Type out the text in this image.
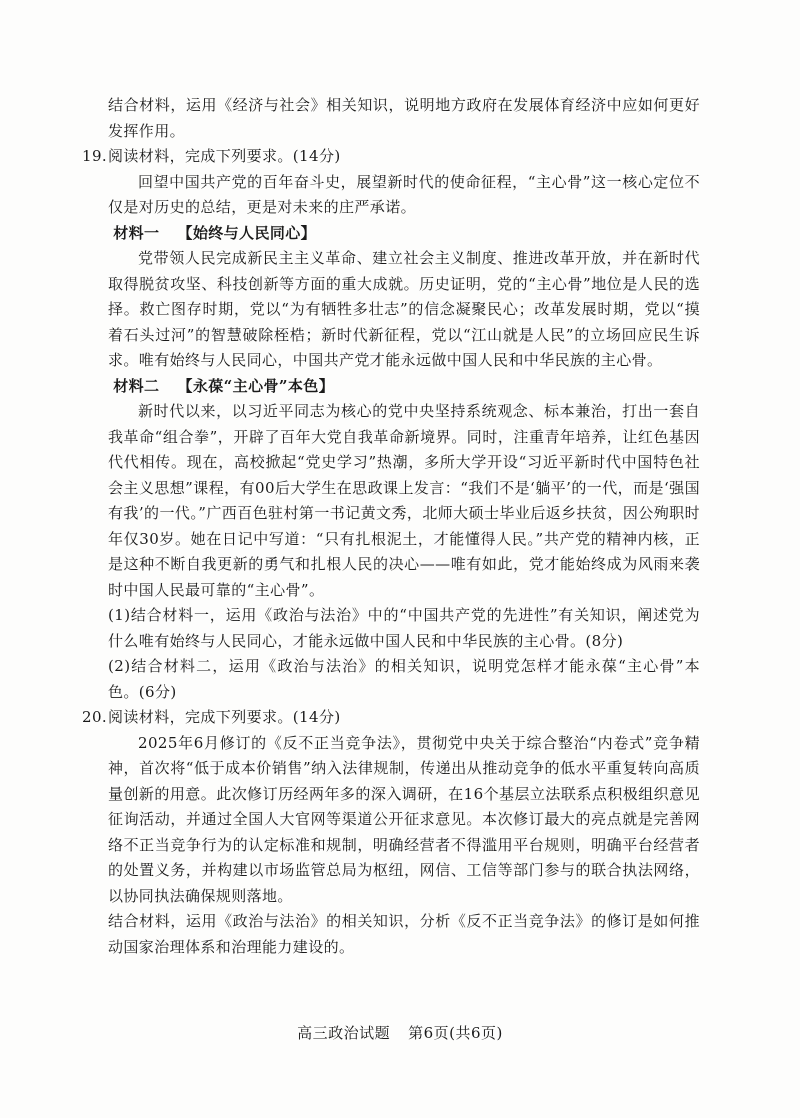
结合材料，运用《经济与社会》相关知识，说明地方政府在发展体育经济中应如何更好发挥作用。

19.阅读材料，完成下列要求。(14分)

回望中国共产党的百年奋斗史，展望新时代的使命征程，“主心骨”这一核心定位不仅是对历史的总结，更是对未来的庄严承诺。

材料一 【始终与人民同心】

党带领人民完成新民主主义革命、建立社会主义制度、推进改革开放，并在新时代取得脱贫攻坚、科技创新等方面的重大成就。历史证明，党的“主心骨”地位是人民的选择。救亡图存时期，党以“为有牺牲多壮志”的信念凝聚民心；改革发展时期，党以“摸着石头过河”的智慧破除桎梏；新时代新征程，党以“江山就是人民”的立场回应民生诉求。唯有始终与人民同心，中国共产党才能永远做中国人民和中华民族的主心骨。

材料二 【永葆“主心骨”本色】

新时代以来，以习近平同志为核心的党中央坚持系统观念、标本兼治，打出一套自我革命“组合拳”，开辟了百年大党自我革命新境界。同时，注重青年培养，让红色基因代代相传。现在，高校掀起“党史学习”热潮，多所大学开设“习近平新时代中国特色社会主义思想”课程，有00后大学生在思政课上发言：“我们不是‘躺平’的一代，而是‘强国有我’的一代。”广西百色驻村第一书记黄文秀，北师大硕士毕业后返乡扶贫，因公殉职时年仅30岁。她在日记中写道：“只有扎根泥土，才能懂得人民。”共产党的精神内核，正是这种不断自我更新的勇气和扎根人民的决心——唯有如此，党才能始终成为风雨来袭时中国人民最可靠的“主心骨”。

(1)结合材料一，运用《政治与法治》中的“中国共产党的先进性”有关知识，阐述党为什么唯有始终与人民同心，才能永远做中国人民和中华民族的主心骨。(8分)

(2)结合材料二，运用《政治与法治》的相关知识，说明党怎样才能永葆“主心骨”本色。(6分)

20.阅读材料，完成下列要求。(14分)

2025年6月修订的《反不正当竞争法》，贯彻党中央关于综合整治“内卷式”竞争精神，首次将“低于成本价销售”纳入法律规制，传递出从推动竞争的低水平重复转向高质量创新的用意。此次修订历经两年多的深入调研，在16个基层立法联系点积极组织意见征询活动，并通过全国人大官网等渠道公开征求意见。本次修订最大的亮点就是完善网络不正当竞争行为的认定标准和规制，明确经营者不得滥用平台规则，明确平台经营者的处置义务，并构建以市场监管总局为枢纽，网信、工信等部门参与的联合执法网络，以协同执法确保规则落地。

结合材料，运用《政治与法治》的相关知识，分析《反不正当竞争法》的修订是如何推动国家治理体系和治理能力建设的。

高三政治试题 第6页(共6页)
